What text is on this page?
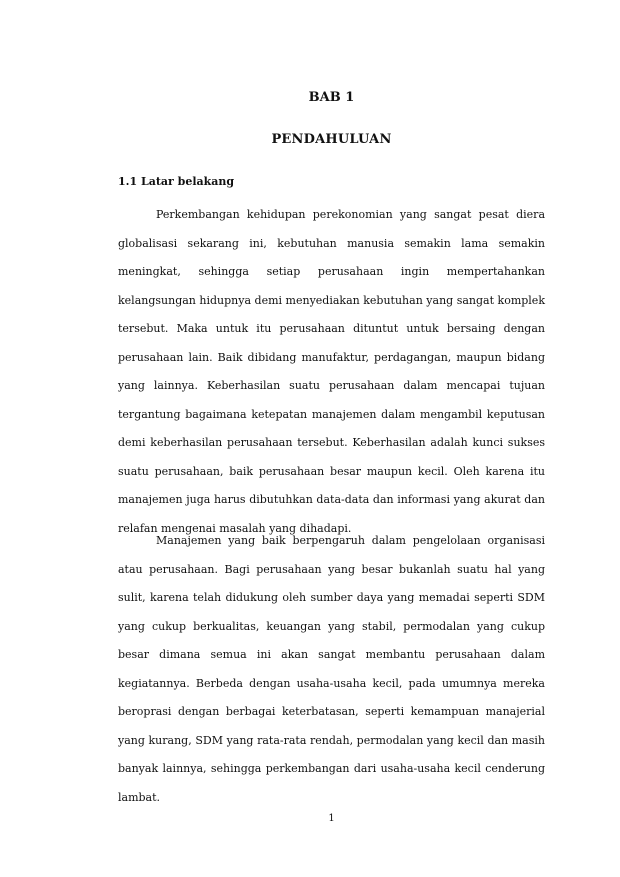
BAB 1
PENDAHULUAN
1.1 Latar belakang

Perkembangan kehidupan perekonomian yang sangat pesat diera globalisasi sekarang ini, kebutuhan manusia semakin lama semakin meningkat, sehingga setiap perusahaan ingin mempertahankan kelangsungan hidupnya demi menyediakan kebutuhan yang sangat komplek tersebut. Maka untuk itu perusahaan dituntut untuk bersaing dengan perusahaan lain. Baik dibidang manufaktur, perdagangan, maupun bidang yang lainnya. Keberhasilan suatu perusahaan dalam mencapai tujuan tergantung bagaimana ketepatan manajemen dalam mengambil keputusan demi keberhasilan perusahaan tersebut. Keberhasilan adalah kunci sukses suatu perusahaan, baik perusahaan besar maupun kecil. Oleh karena itu manajemen juga harus dibutuhkan data-data dan informasi yang akurat dan relafan mengenai masalah yang dihadapi.

Manajemen yang baik berpengaruh dalam pengelolaan organisasi atau perusahaan. Bagi perusahaan yang besar bukanlah suatu hal yang sulit, karena telah didukung oleh sumber daya yang memadai seperti SDM yang cukup berkualitas, keuangan yang stabil, permodalan yang cukup besar dimana semua ini akan sangat membantu perusahaan dalam kegiatannya. Berbeda dengan usaha-usaha kecil, pada umumnya mereka beroprasi dengan berbagai keterbatasan, seperti kemampuan manajerial yang kurang, SDM yang rata-rata rendah, permodalan yang kecil dan masih banyak lainnya, sehingga perkembangan dari usaha-usaha kecil cenderung lambat.

1
